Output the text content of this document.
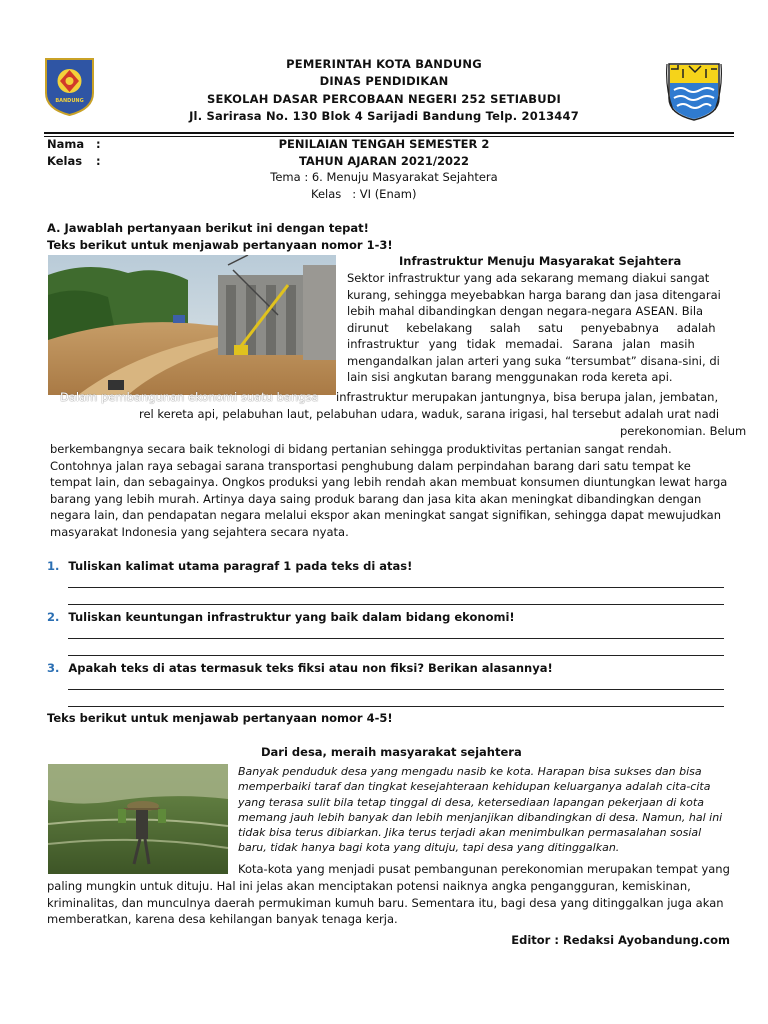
BANDUNG
PEMERINTAH KOTA BANDUNG
DINAS PENDIDIKAN
SEKOLAH DASAR PERCOBAAN NEGERI 252 SETIABUDI
Jl. Sarirasa No. 130 Blok 4 Sarijadi Bandung Telp. 2013447
Nama :
Kelas :
PENILAIAN TENGAH SEMESTER 2
TAHUN AJARAN 2021/2022
Tema : 6. Menuju Masyarakat Sejahtera
Kelas   : VI (Enam)
A. Jawablah pertanyaan berikut ini dengan tepat!
Teks berikut untuk menjawab pertanyaan nomor 1-3!
Infrastruktur Menuju Masyarakat Sejahtera
Sektor infrastruktur yang ada sekarang memang diakui sangat
kurang, sehingga meyebabkan harga barang dan jasa ditengarai
lebih mahal dibandingkan dengan negara-negara ASEAN. Bila
dirunut kebelakang salah satu penyebabnya adalah
infrastruktur yang tidak memadai. Sarana jalan masih
mengandalkan jalan arteri yang suka “tersumbat” disana-sini, di
lain sisi angkutan barang menggunakan roda kereta api.
Dalam pembangunan ekonomi suatu bangsa infrastruktur merupakan jantungnya, bisa berupa jalan, jembatan,
rel kereta api, pelabuhan laut, pelabuhan udara, waduk, sarana irigasi, hal tersebut adalah urat nadi
perekonomian. Belum
berkembangnya secara baik teknologi di bidang pertanian sehingga produktivitas pertanian sangat rendah.
Contohnya jalan raya sebagai sarana transportasi penghubung dalam perpindahan barang dari satu tempat ke
tempat lain, dan sebagainya. Ongkos produksi yang lebih rendah akan membuat konsumen diuntungkan lewat harga
barang yang lebih murah. Artinya daya saing produk barang dan jasa kita akan meningkat dibandingkan dengan
negara lain, dan pendapatan negara melalui ekspor akan meningkat sangat signifikan, sehingga dapat mewujudkan
masyarakat Indonesia yang sejahtera secara nyata.
1. Tuliskan kalimat utama paragraf 1 pada teks di atas!
2. Tuliskan keuntungan infrastruktur yang baik dalam bidang ekonomi!
3. Apakah teks di atas termasuk teks fiksi atau non fiksi? Berikan alasannya!
Teks berikut untuk menjawab pertanyaan nomor 4-5!
Dari desa, meraih masyarakat sejahtera
Banyak penduduk desa yang mengadu nasib ke kota. Harapan bisa sukses dan bisa
memperbaiki taraf dan tingkat kesejahteraan kehidupan keluarganya adalah cita-cita
yang terasa sulit bila tetap tinggal di desa, ketersediaan lapangan pekerjaan di kota
memang jauh lebih banyak dan lebih menjanjikan dibandingkan di desa. Namun, hal ini
tidak bisa terus dibiarkan. Jika terus terjadi akan menimbulkan permasalahan sosial
baru, tidak hanya bagi kota yang dituju, tapi desa yang ditinggalkan.
Kota-kota yang menjadi pusat pembangunan perekonomian merupakan tempat yang
paling mungkin untuk dituju. Hal ini jelas akan menciptakan potensi naiknya angka pengangguran, kemiskinan,
kriminalitas, dan munculnya daerah permukiman kumuh baru. Sementara itu, bagi desa yang ditinggalkan juga akan
memberatkan, karena desa kehilangan banyak tenaga kerja.
Editor : Redaksi Ayobandung.com
